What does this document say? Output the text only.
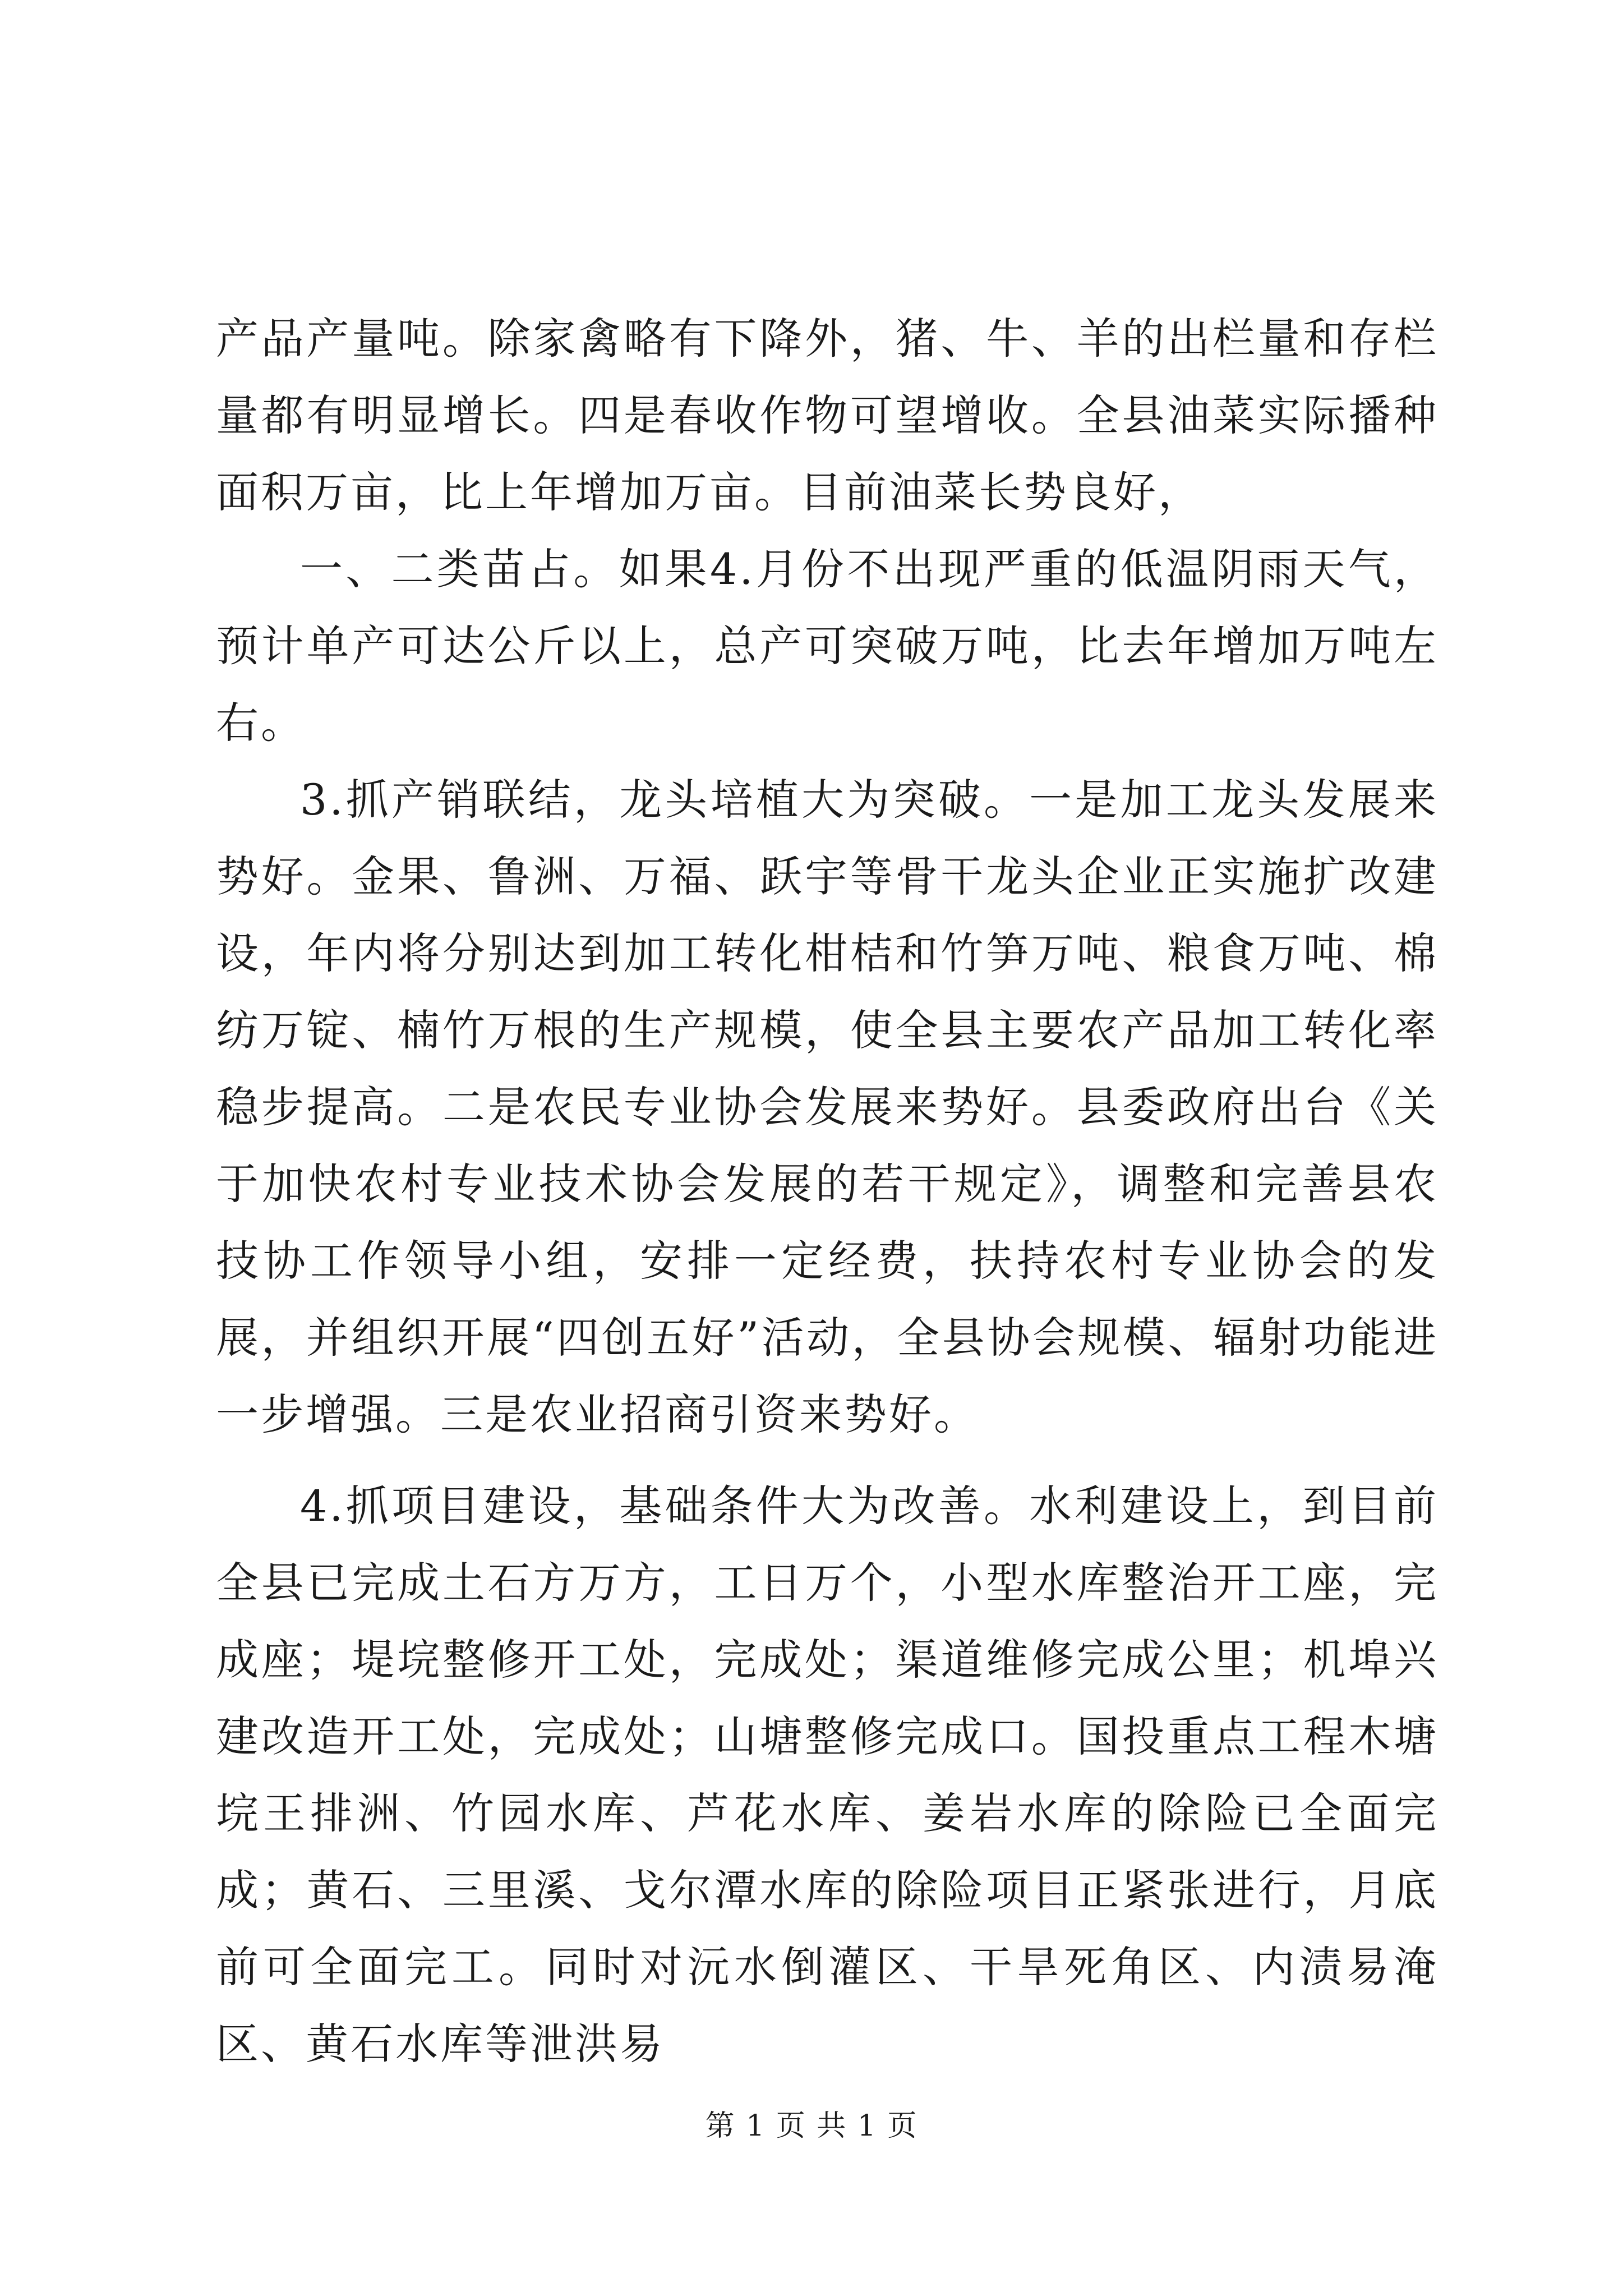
产品产量吨。除家禽略有下降外，猪、牛、羊的出栏量和存栏量都有明显增长。四是春收作物可望增收。全县油菜实际播种面积万亩，比上年增加万亩。目前油菜长势良好，

一、二类苗占。如果4.月份不出现严重的低温阴雨天气，预计单产可达公斤以上，总产可突破万吨，比去年增加万吨左右。

3.抓产销联结，龙头培植大为突破。一是加工龙头发展来势好。金果、鲁洲、万福、跃宇等骨干龙头企业正实施扩改建设，年内将分别达到加工转化柑桔和竹笋万吨、粮食万吨、棉纺万锭、楠竹万根的生产规模，使全县主要农产品加工转化率稳步提高。二是农民专业协会发展来势好。县委政府出台《关于加快农村专业技术协会发展的若干规定》，调整和完善县农技协工作领导小组，安排一定经费，扶持农村专业协会的发展，并组织开展“四创五好”活动，全县协会规模、辐射功能进一步增强。三是农业招商引资来势好。

4.抓项目建设，基础条件大为改善。水利建设上，到目前全县已完成土石方万方，工日万个，小型水库整治开工座，完成座；堤垸整修开工处，完成处；渠道维修完成公里；机埠兴建改造开工处，完成处；山塘整修完成口。国投重点工程木塘垸王排洲、竹园水库、芦花水库、姜岩水库的除险已全面完成；黄石、三里溪、戈尔潭水库的除险项目正紧张进行，月底前可全面完工。同时对沅水倒灌区、干旱死角区、内渍易淹区、黄石水库等泄洪易

第 1 页 共 1 页
